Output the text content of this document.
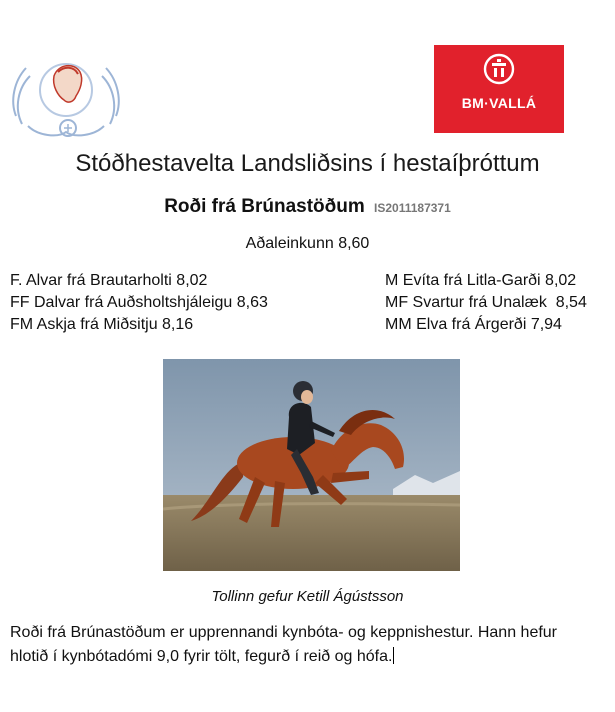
BM·VALLÁ
Stóðhestavelta Landsliðsins í hestaíþróttum
Roði frá Brúnastöðum IS2011187371
Aðaleinkunn 8,60
F. Alvar frá Brautarholti 8,02
FF Dalvar frá Auðsholtshjáleigu 8,63
FM Askja frá Miðsitju 8,16
M Evíta frá Litla-Garði 8,02
MF Svartur frá Unalæk  8,54
MM Elva frá Árgerði 7,94
Tollinn gefur Ketill Ágústsson
Roði frá Brúnastöðum er upprennandi kynbóta- og keppnishestur. Hann hefur
hlotið í kynbótadómi 9,0 fyrir tölt, fegurð í reið og hófa.
